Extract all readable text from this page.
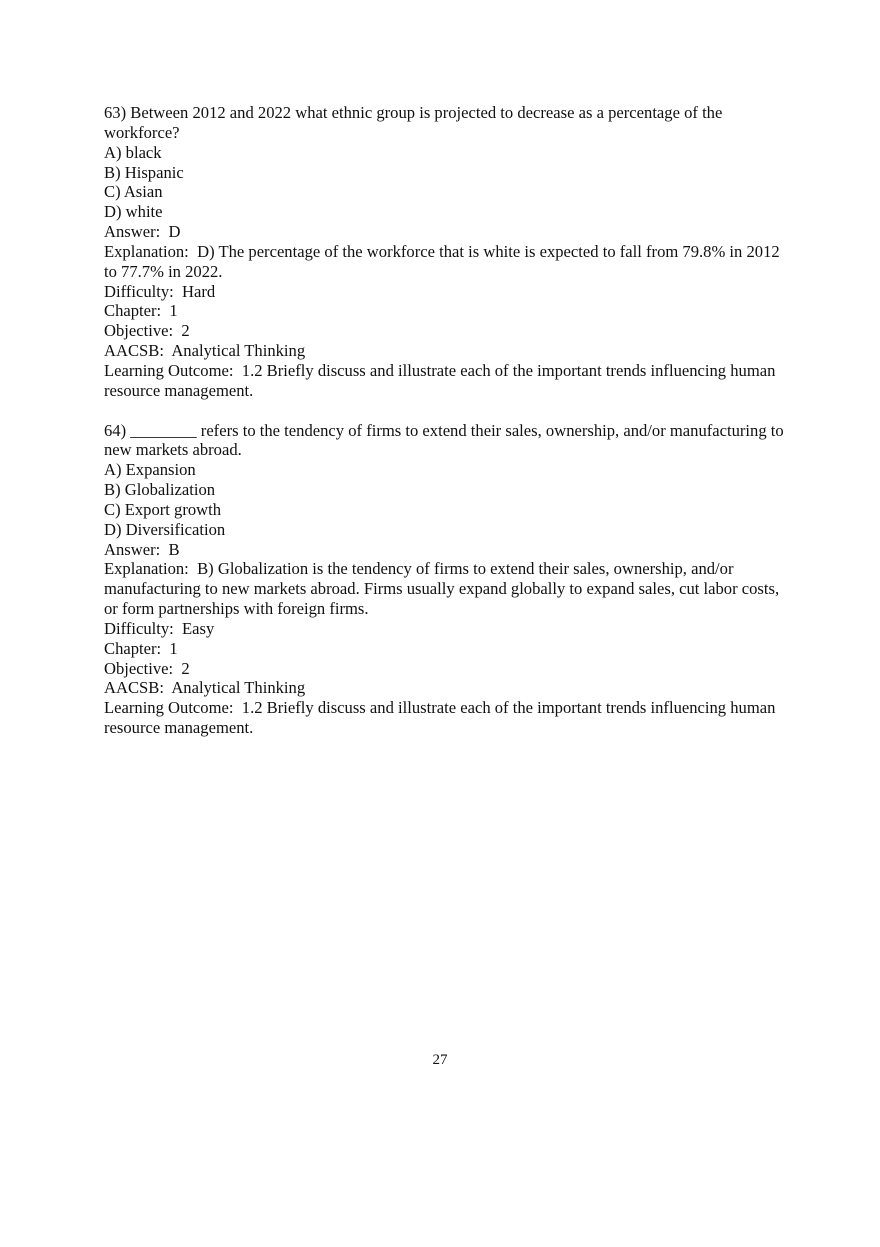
63) Between 2012 and 2022 what ethnic group is projected to decrease as a percentage of the workforce?
A) black
B) Hispanic
C) Asian
D) white
Answer:  D
Explanation:  D) The percentage of the workforce that is white is expected to fall from 79.8% in 2012 to 77.7% in 2022.
Difficulty:  Hard
Chapter:  1
Objective:  2
AACSB:  Analytical Thinking
Learning Outcome:  1.2 Briefly discuss and illustrate each of the important trends influencing human resource management.
64) ________ refers to the tendency of firms to extend their sales, ownership, and/or manufacturing to new markets abroad.
A) Expansion
B) Globalization
C) Export growth
D) Diversification
Answer:  B
Explanation:  B) Globalization is the tendency of firms to extend their sales, ownership, and/or manufacturing to new markets abroad. Firms usually expand globally to expand sales, cut labor costs, or form partnerships with foreign firms.
Difficulty:  Easy
Chapter:  1
Objective:  2
AACSB:  Analytical Thinking
Learning Outcome:  1.2 Briefly discuss and illustrate each of the important trends influencing human resource management.
27
